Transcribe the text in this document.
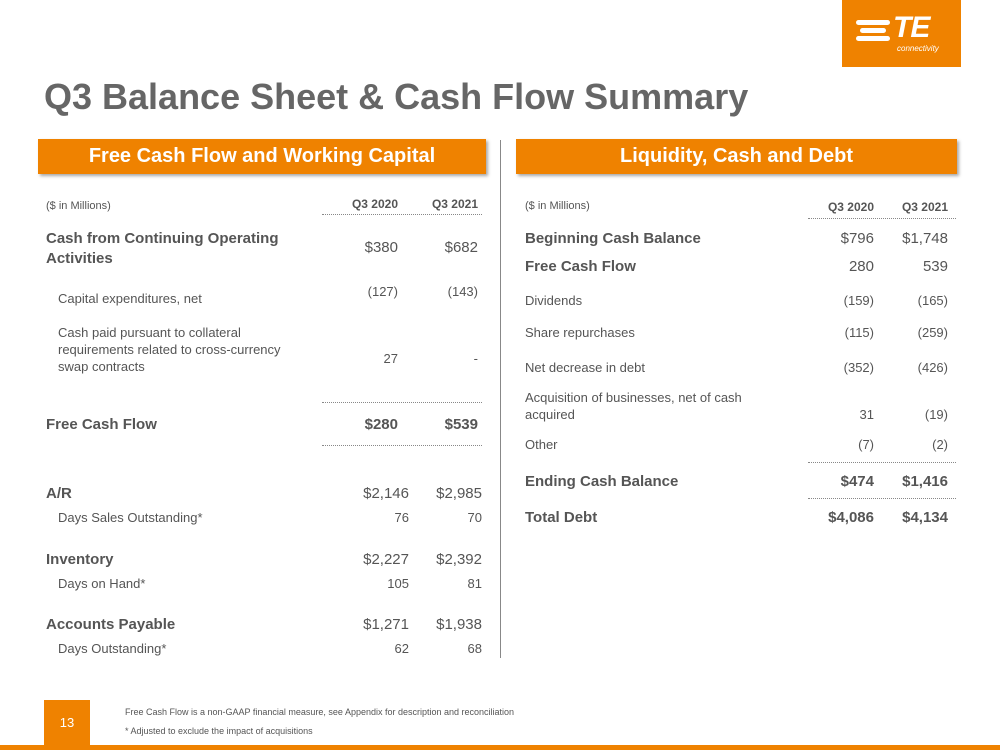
TE
connectivity
Q3 Balance Sheet & Cash Flow Summary
Free Cash Flow and Working Capital	Liquidity, Cash and Debt
($ in Millions)	Q3 2020	Q3 2021
Cash from Continuing Operating
Activities
$380	$682
Capital expenditures, net	(127)	(143)
Cash paid pursuant to collateral
requirements related to cross-currency
swap contracts
27	-
Free Cash Flow	$280	$539
A/R	$2,146	$2,985
Days Sales Outstanding*	76	70
Inventory	$2,227	$2,392
Days on Hand*	105	81
Accounts Payable	$1,271	$1,938
Days Outstanding*	62	68
($ in Millions)	Q3 2020	Q3 2021
Beginning Cash Balance	$796	$1,748
Free Cash Flow	280	539
Dividends	(159)	(165)
Share repurchases	(115)	(259)
Net decrease in debt	(352)	(426)
Acquisition of businesses, net of cash
acquired	31	(19)
Other	(7)	(2)
Ending Cash Balance	$474	$1,416
Total Debt	$4,086	$4,134
13
Free Cash Flow is a non-GAAP financial measure, see Appendix for description and reconciliation
* Adjusted to exclude the impact of acquisitions
